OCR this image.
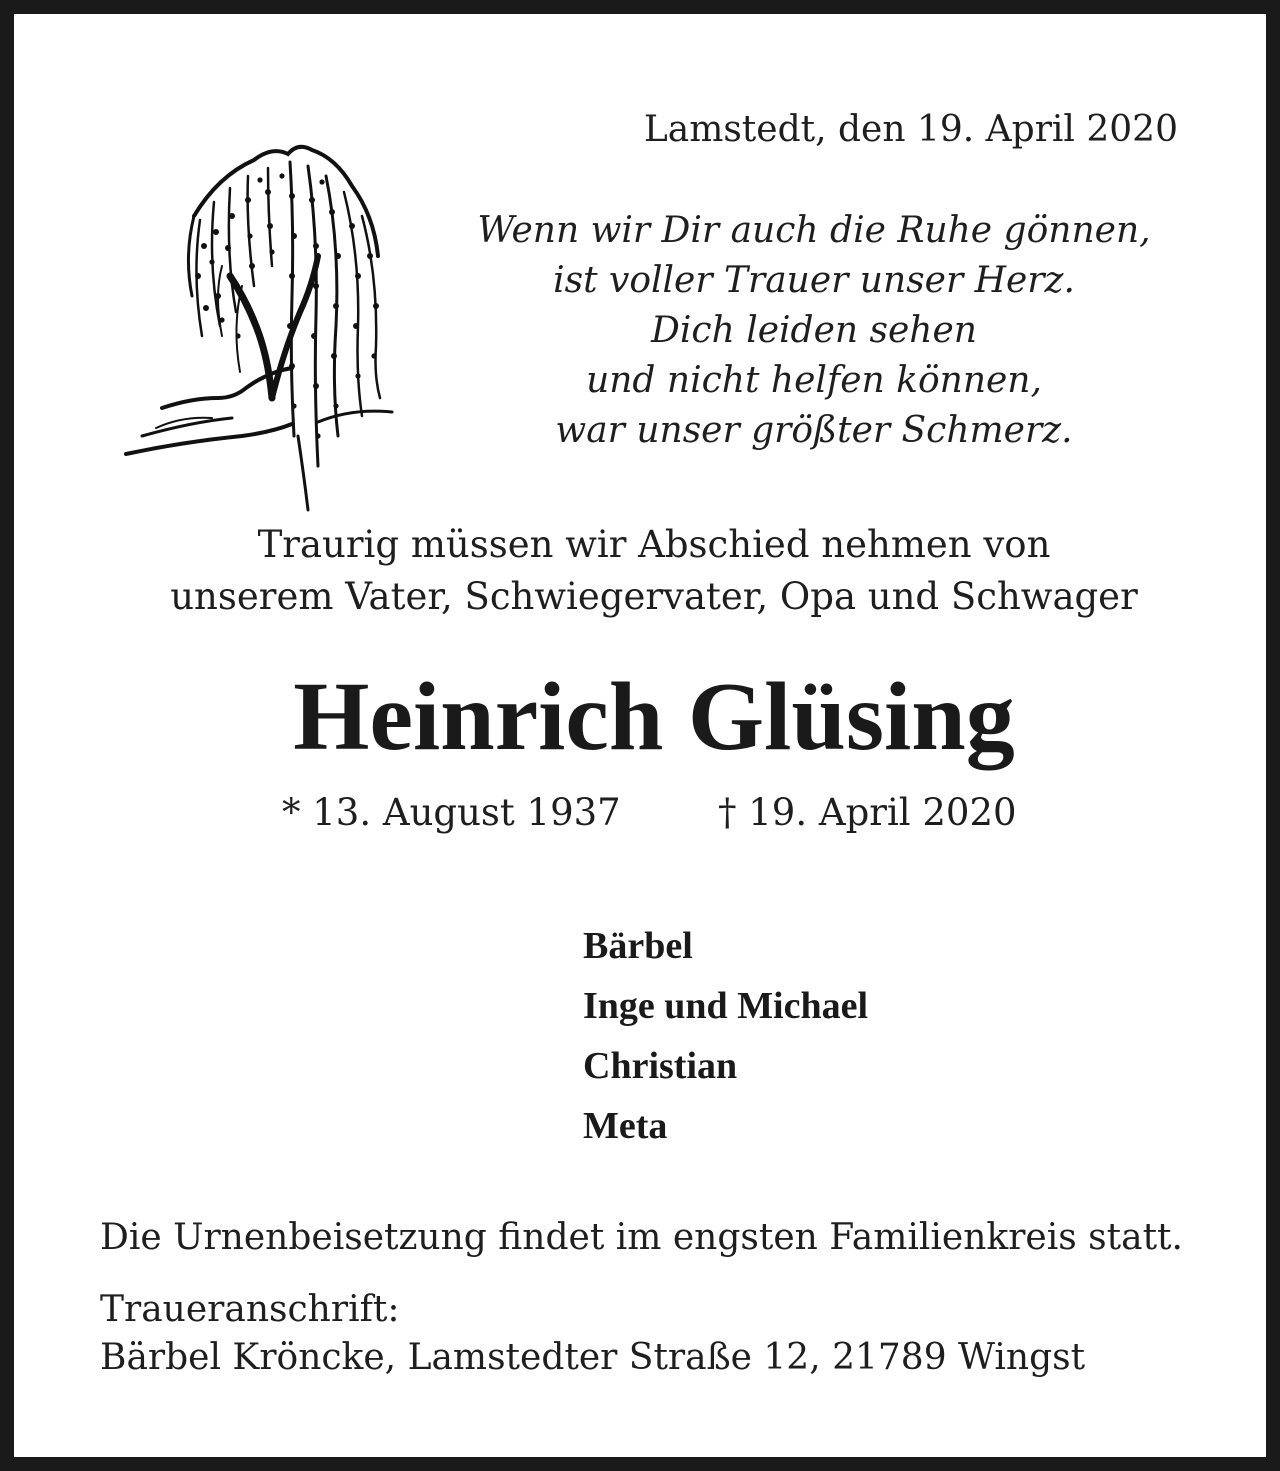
Lamstedt, den 19. April 2020
Wenn wir Dir auch die Ruhe gönnen,
ist voller Trauer unser Herz.
Dich leiden sehen
und nicht helfen können,
war unser größter Schmerz.
Traurig müssen wir Abschied nehmen von
unserem Vater, Schwiegervater, Opa und Schwager
Heinrich Glüsing
* 13. August 1937	† 19. April 2020
Bärbel
Inge und Michael
Christian
Meta
Die Urnenbeisetzung findet im engsten Familienkreis statt.
Traueranschrift:
Bärbel Kröncke, Lamstedter Straße 12, 21789 Wingst
